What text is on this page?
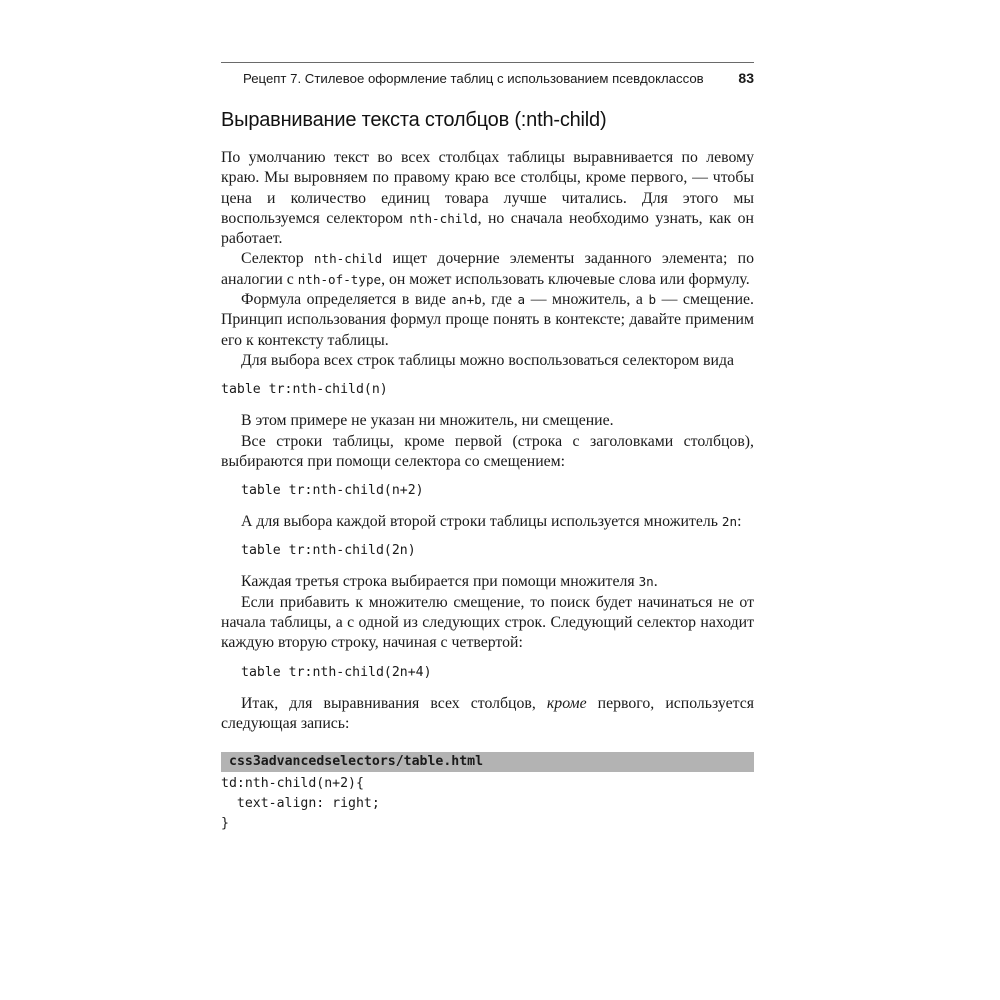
Рецепт 7. Стилевое оформление таблиц с использованием псевдоклассов 83
Выравнивание текста столбцов (:nth-child)

По умолчанию текст во всех столбцах таблицы выравнивается по левому краю. Мы выровняем по правому краю все столбцы, кроме первого, — чтобы цена и количество единиц товара лучше читались. Для этого мы воспользуемся селектором nth-child, но сначала необходимо узнать, как он работает.

Селектор nth-child ищет дочерние элементы заданного элемента; по аналогии с nth-of-type, он может использовать ключевые слова или формулу.

Формула определяется в виде an+b, где a — множитель, а b — смещение. Принцип использования формул проще понять в контексте; давайте применим его к контексту таблицы.

Для выбора всех строк таблицы можно воспользоваться селектором вида

table tr:nth-child(n)

В этом примере не указан ни множитель, ни смещение.

Все строки таблицы, кроме первой (строка с заголовками столбцов), выбираются при помощи селектора со смещением:

table tr:nth-child(n+2)

А для выбора каждой второй строки таблицы используется множитель 2n:

table tr:nth-child(2n)

Каждая третья строка выбирается при помощи множителя 3n.

Если прибавить к множителю смещение, то поиск будет начинаться не от начала таблицы, а с одной из следующих строк. Следующий селектор находит каждую вторую строку, начиная с четвертой:

table tr:nth-child(2n+4)

Итак, для выравнивания всех столбцов, кроме первого, используется следующая запись:

css3advancedselectors/table.html
td:nth-child(n+2){
text-align: right;
}
